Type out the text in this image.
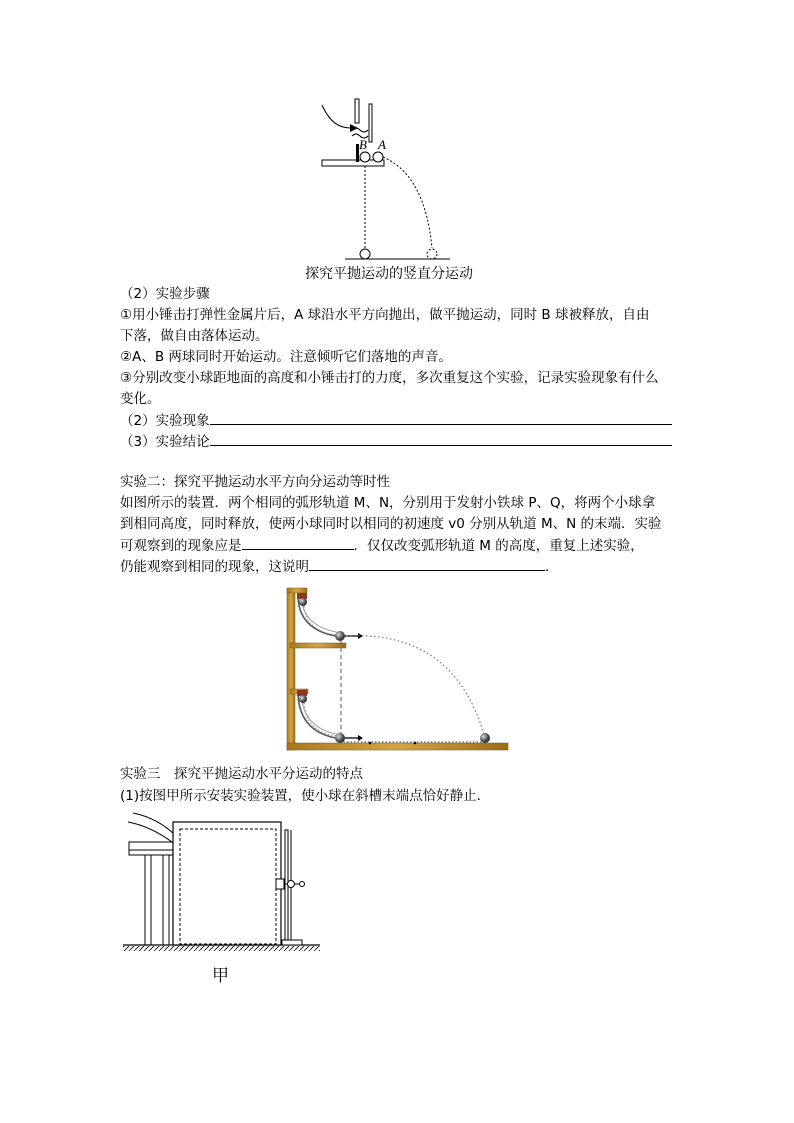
B A
探究平抛运动的竖直分运动
（2）实验步骤
①用小锤击打弹性金属片后，A 球沿水平方向抛出，做平抛运动，同时 B 球被释放，自由
下落，做自由落体运动。
②A、B 两球同时开始运动。注意倾听它们落地的声音。
③分别改变小球距地面的高度和小锤击打的力度，多次重复这个实验，记录实验现象有什么
变化。
（2）实验现象
（3）实验结论
实验二：探究平抛运动水平方向分运动等时性
如图所示的装置．两个相同的弧形轨道 M、N，分别用于发射小铁球 P、Q，将两个小球拿
到相同高度，同时释放，使两小球同时以相同的初速度 v0 分别从轨道 M、N 的末端．实验
可观察到的现象应是	．仅仅改变弧形轨道 M 的高度，重复上述实验，
仍能观察到相同的现象，这说明	．
实验三　探究平抛运动水平分运动的特点
(1)按图甲所示安装实验装置，使小球在斜槽末端点恰好静止．
甲
